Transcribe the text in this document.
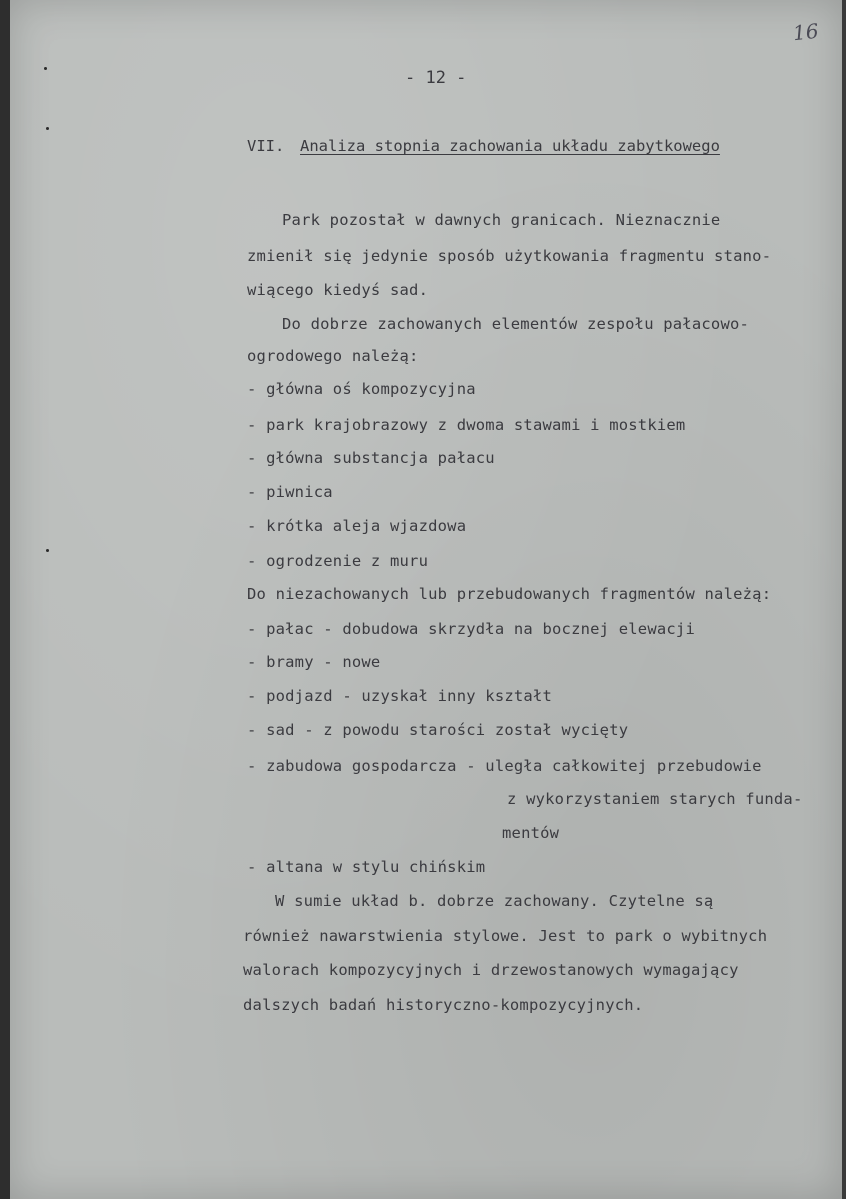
16
- 12 -
VII. Analiza stopnia zachowania układu zabytkowego
Park pozostał w dawnych granicach. Nieznacznie
zmienił się jedynie sposób użytkowania fragmentu stano-
wiącego kiedyś sad.
Do dobrze zachowanych elementów zespołu pałacowo-
ogrodowego należą:
- główna oś kompozycyjna
- park krajobrazowy z dwoma stawami i mostkiem
- główna substancja pałacu
- piwnica
- krótka aleja wjazdowa
- ogrodzenie z muru
Do niezachowanych lub przebudowanych fragmentów należą:
- pałac - dobudowa skrzydła na bocznej elewacji
- bramy - nowe
- podjazd - uzyskał inny kształt
- sad - z powodu starości został wycięty
- zabudowa gospodarcza - uległa całkowitej przebudowie
z wykorzystaniem starych funda-
mentów
- altana w stylu chińskim
W sumie układ b. dobrze zachowany. Czytelne są
również nawarstwienia stylowe. Jest to park o wybitnych
walorach kompozycyjnych i drzewostanowych wymagający
dalszych badań historyczno-kompozycyjnych.
